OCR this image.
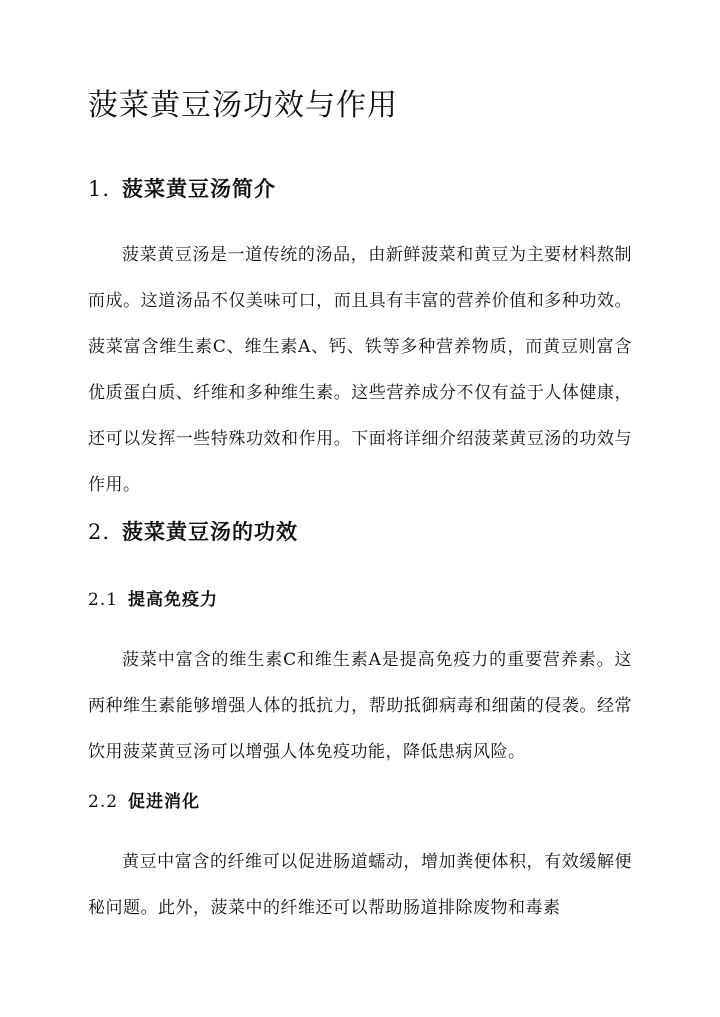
菠菜黄豆汤功效与作用
1. 菠菜黄豆汤简介

菠菜黄豆汤是一道传统的汤品，由新鲜菠菜和黄豆为主要材料熬制而成。这道汤品不仅美味可口，而且具有丰富的营养价值和多种功效。菠菜富含维生素C、维生素A、钙、铁等多种营养物质，而黄豆则富含优质蛋白质、纤维和多种维生素。这些营养成分不仅有益于人体健康，还可以发挥一些特殊功效和作用。下面将详细介绍菠菜黄豆汤的功效与作用。

2. 菠菜黄豆汤的功效
2.1 提高免疫力

菠菜中富含的维生素C和维生素A是提高免疫力的重要营养素。这两种维生素能够增强人体的抵抗力，帮助抵御病毒和细菌的侵袭。经常饮用菠菜黄豆汤可以增强人体免疫功能，降低患病风险。

2.2 促进消化

黄豆中富含的纤维可以促进肠道蠕动，增加粪便体积，有效缓解便秘问题。此外，菠菜中的纤维还可以帮助肠道排除废物和毒素
